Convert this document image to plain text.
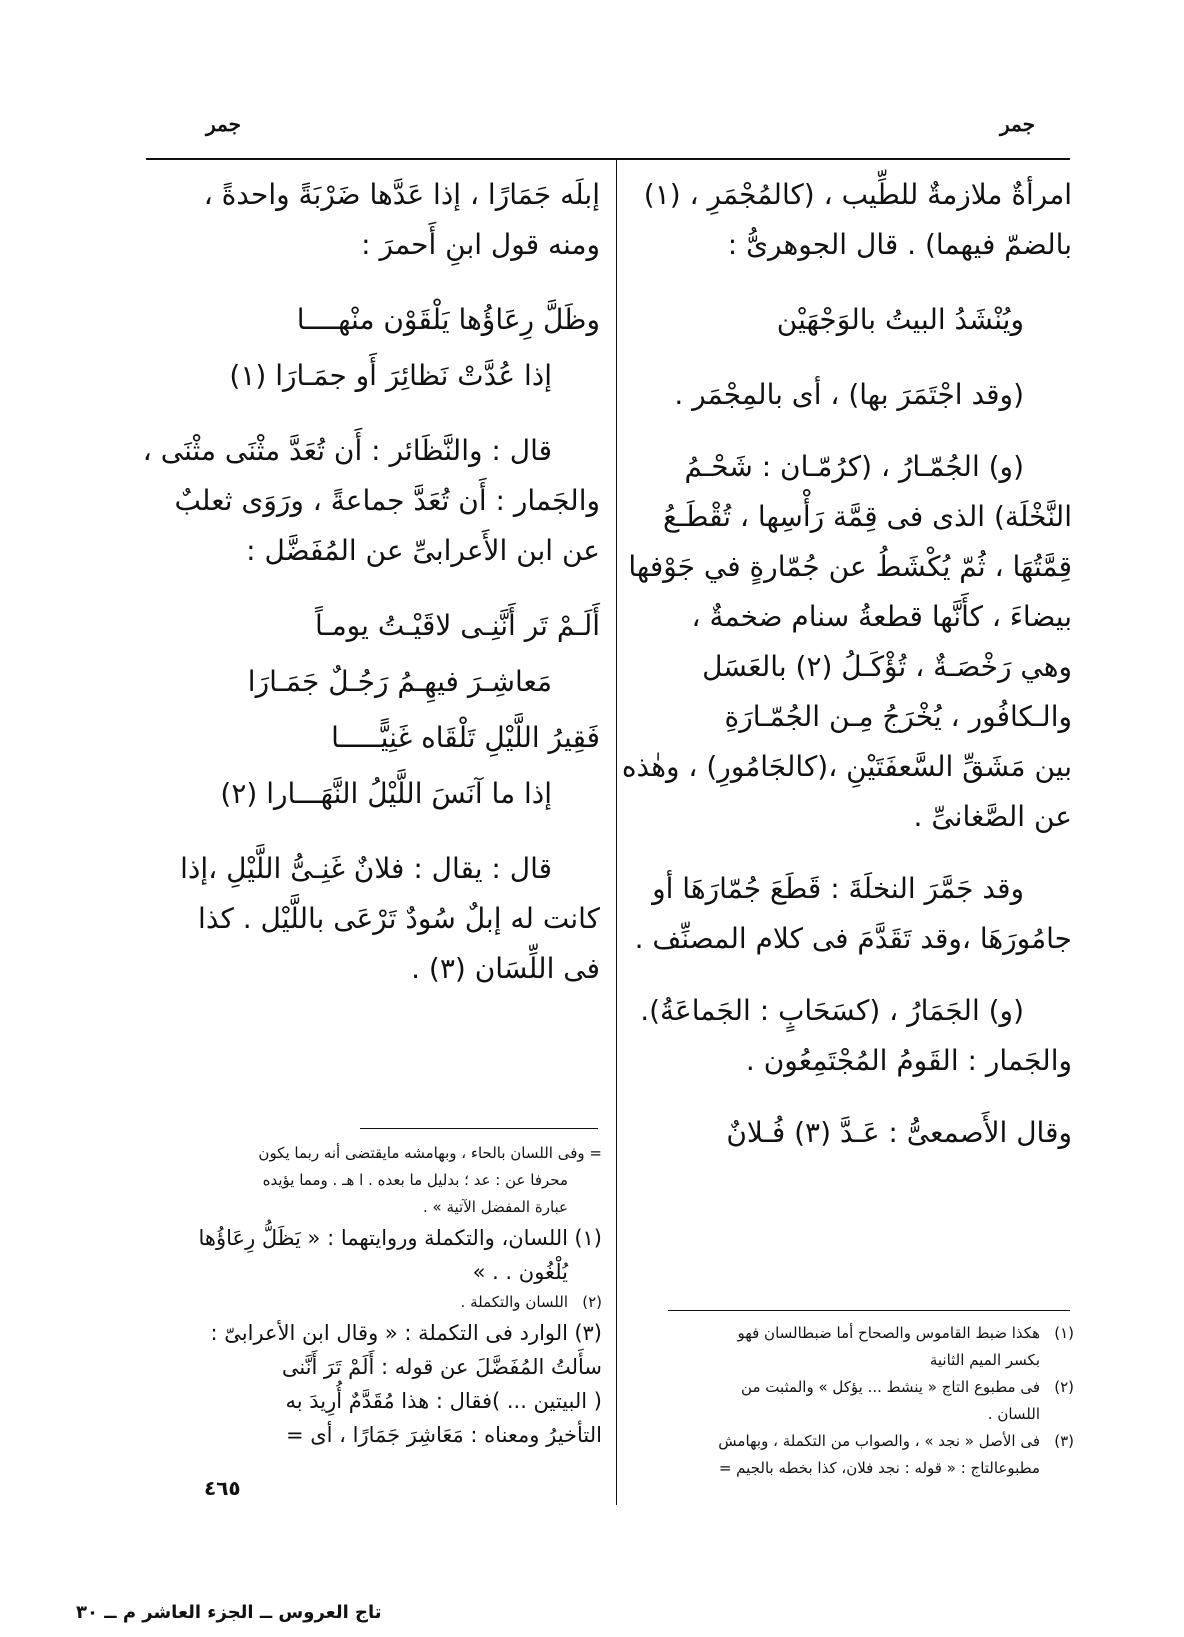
جمر
جمر

امرأةٌ ملازمةٌ للطِّيب ، (كالمُجْمَرِ ، (١)

بالضمّ فيهما) . قال الجوهرىُّ :

ويُنْشَدُ البيتُ بالوَجْهَيْن

(وقد اجْتَمَرَ بها) ، أى بالمِجْمَر .

(و) الجُمّـارُ ، (كرُمّـان : شَحْـمُ

النَّخْلَة) الذى فى قِمَّة رَأْسِها ، تُقْطَـعُ

قِمَّتُهَا ، ثُمّ يُكْشَطُ عن جُمّارةٍ في جَوْفها

بيضاءَ ، كأَنَّها قطعةُ سنام ضخمةٌ ،

وهي رَخْصَـةٌ ، تُؤْكَـلُ (٢) بالعَسَل

والـكافُور ، يُخْرَجُ مِـن الجُمّـارَةِ

بين مَشَقِّ السَّعفَتَيْنِ ،(كالجَامُورِ) ، وهٰذه

عن الصَّغانىِّ .

وقد جَمَّرَ النخلَةَ : قَطَعَ جُمّارَهَا أو

جامُورَهَا ،وقد تَقَدَّمَ فى كلام المصنِّف .

(و) الجَمَارُ ، (كسَحَابٍ : الجَماعَةُ).

والجَمار : القَومُ المُجْتَمِعُون .

وقال الأَصمعىُّ : عَـدَّ (٣) فُـلانٌ

إبلَه جَمَارًا ، إذا عَدَّها ضَرْبَةً واحدةً ،

ومنه قول ابنِ أَحمرَ :

وظَلَّ رِعَاؤُها يَلْقَوْن منْهــــا

إذا عُدَّتْ نَظائِرَ أَو جمَـارَا (١)

قال : والنَّظَائر : أَن تُعَدَّ مثْنَى مثْنَى ،

والجَمار : أَن تُعَدَّ جماعةً ، ورَوَى ثعلبٌ

عن ابن الأَعرابىِّ عن المُفَضَّل :

أَلَـمْ تَر أَنَّنِـى لاقَيْـتُ يومـاً

مَعاشِـرَ فيهِـمُ رَجُـلٌ جَمَـارَا

فَقِيرُ اللَّيْلِ تَلْقَاه غَنِيًّـــــا

إذا ما آنَسَ اللَّيْلُ النَّهَـــارا (٢)

قال : يقال : فلانٌ غَنِـىُّ اللَّيْلِ ،إذا

كانت له إبلٌ سُودٌ تَرْعَى باللَّيْل . كذا

فى اللِّسَان (٣) .

(١)هكذا ضبط القاموس والصحاح أما ضبطالسان فهو
بكسر الميم الثانية
(٢)فى مطبوع التاج « ينشط ... يؤكل » والمثبت من
اللسان .
(٣)فى الأصل « نجد » ، والصواب من التكملة ، وبهامش
مطبوعالتاج : « قوله : نجد فلان، كذا بخطه بالجيم =
= وفى اللسان بالحاء ، وبهامشه مايقتضى أنه ربما يكون
محرفا عن : عد ؛ بدليل ما بعده . ا هـ . ومما يؤيده
عبارة المفضل الآتية » .
(١)اللسان، والتكملة وروايتهما : « يَظَلُّ رِعَاؤُها
يُلْغُون . . »
(٢)اللسان والتكملة .
(٣)الوارد فى التكملة : « وقال ابن الأعرابىّ :
سأَلتُ المُفَضَّلَ عن قوله : أَلَمْ تَرَ أَنَّنى
( البيتين ... )فقال : هذا مُقَدَّمٌ أُرِيدَ به
التأخيرُ ومعناه : مَعَاشِرَ جَمَارًا ، أى =
٤٦٥
تاج العروس ــ الجزء العاشر م ــ ٣٠
